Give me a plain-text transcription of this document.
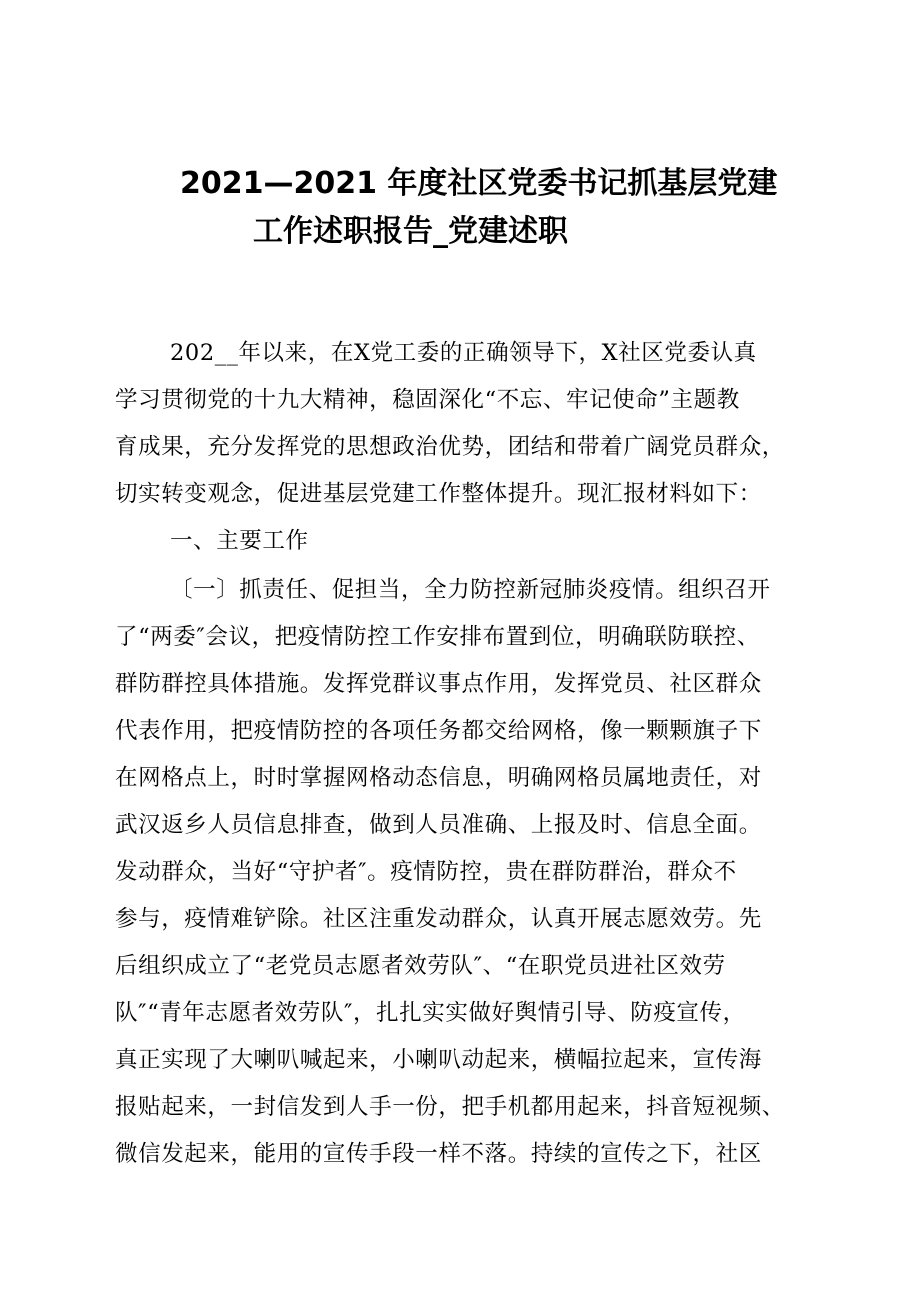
2021—2021 年度社区党委书记抓基层党建
工作述职报告_党建述职
202__年以来，在X党工委的正确领导下，X社区党委认真
学习贯彻党的十九大精神，稳固深化“不忘、牢记使命”主题教
育成果，充分发挥党的思想政治优势，团结和带着广阔党员群众，
切实转变观念，促进基层党建工作整体提升。现汇报材料如下：
一、主要工作
〔一〕抓责任、促担当，全力防控新冠肺炎疫情。组织召开
了“两委″会议，把疫情防控工作安排布置到位，明确联防联控、
群防群控具体措施。发挥党群议事点作用，发挥党员、社区群众
代表作用，把疫情防控的各项任务都交给网格，像一颗颗旗子下
在网格点上，时时掌握网格动态信息，明确网格员属地责任，对
武汉返乡人员信息排查，做到人员准确、上报及时、信息全面。
发动群众，当好“守护者″。疫情防控，贵在群防群治，群众不
参与，疫情难铲除。社区注重发动群众，认真开展志愿效劳。先
后组织成立了“老党员志愿者效劳队″、“在职党员进社区效劳
队″“青年志愿者效劳队″，扎扎实实做好舆情引导、防疫宣传，
真正实现了大喇叭喊起来，小喇叭动起来，横幅拉起来，宣传海
报贴起来，一封信发到人手一份，把手机都用起来，抖音短视频、
微信发起来，能用的宣传手段一样不落。持续的宣传之下，社区
